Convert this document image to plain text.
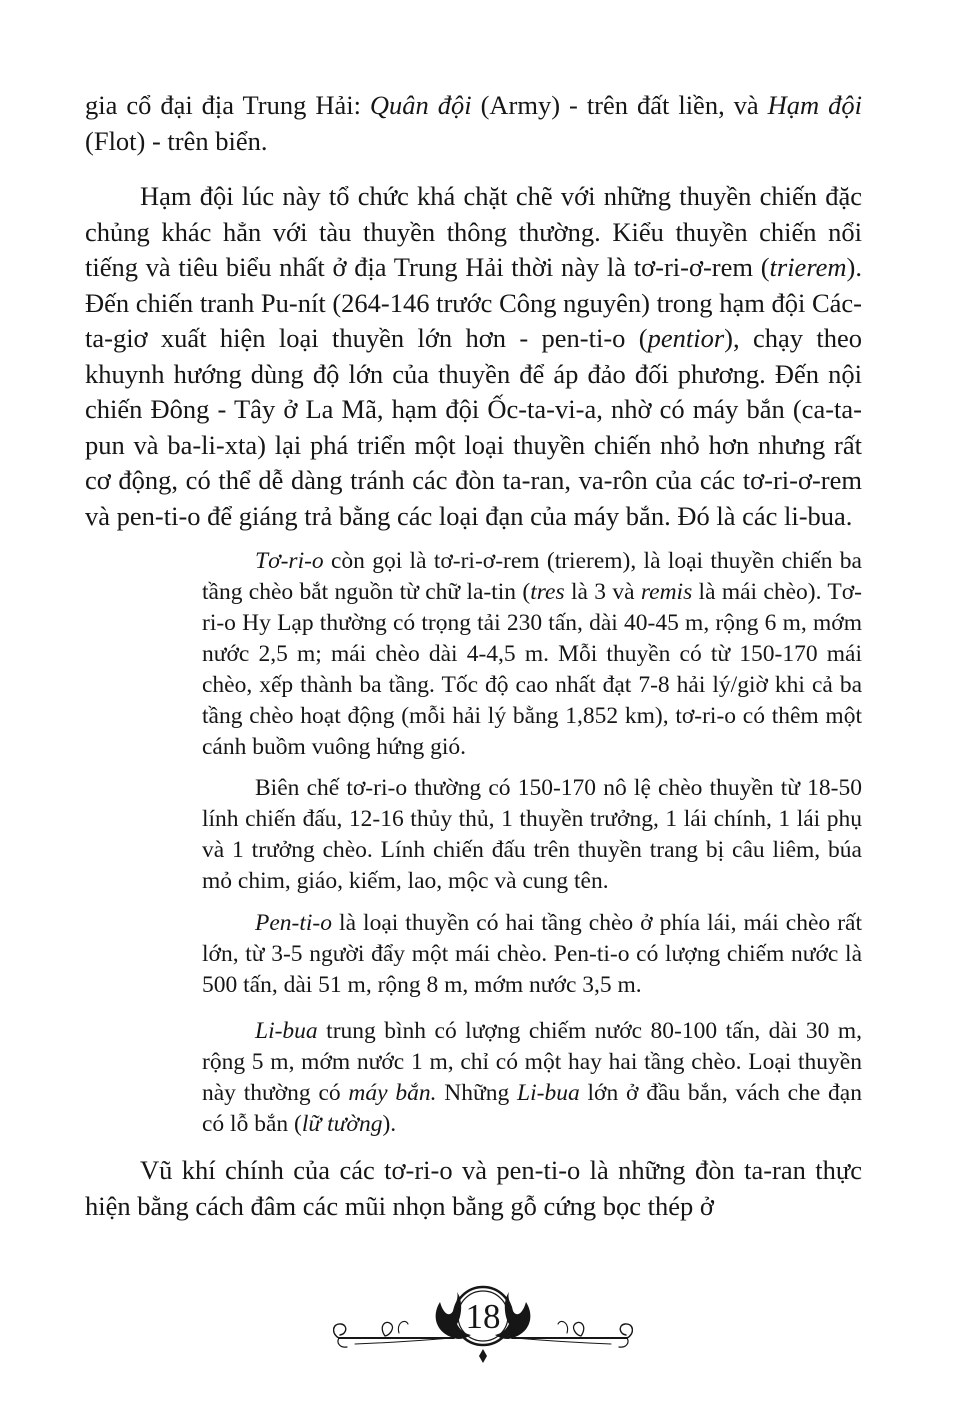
gia cổ đại địa Trung Hải: Quân đội (Army) - trên đất liền, và Hạm đội (Flot) - trên biển.

Hạm đội lúc này tổ chức khá chặt chẽ với những thuyền chiến đặc chủng khác hẳn với tàu thuyền thông thường. Kiểu thuyền chiến nổi tiếng và tiêu biểu nhất ở địa Trung Hải thời này là tơ-ri-ơ-rem (trierem). Đến chiến tranh Pu-nít (264-146 trước Công nguyên) trong hạm đội Các-ta-giơ xuất hiện loại thuyền lớn hơn - pen-ti-o (pentior), chạy theo khuynh hướng dùng độ lớn của thuyền để áp đảo đối phương. Đến nội chiến Đông - Tây ở La Mã, hạm đội Ốc-ta-vi-a, nhờ có máy bắn (ca-ta-pun và ba-li-xta) lại phá triển một loại thuyền chiến nhỏ hơn nhưng rất cơ động, có thể dễ dàng tránh các đòn ta-ran, va-rôn của các tơ-ri-ơ-rem và pen-ti-o để giáng trả bằng các loại đạn của máy bắn. Đó là các li-bua.

Tơ-ri-o còn gọi là tơ-ri-ơ-rem (trierem), là loại thuyền chiến ba tầng chèo bắt nguồn từ chữ la-tin (tres là 3 và remis là mái chèo). Tơ-ri-o Hy Lạp thường có trọng tải 230 tấn, dài 40-45 m, rộng 6 m, mớm nước 2,5 m; mái chèo dài 4-4,5 m. Mỗi thuyền có từ 150-170 mái chèo, xếp thành ba tầng. Tốc độ cao nhất đạt 7-8 hải lý/giờ khi cả ba tầng chèo hoạt động (mỗi hải lý bằng 1,852 km), tơ-ri-o có thêm một cánh buồm vuông hứng gió.

Biên chế tơ-ri-o thường có 150-170 nô lệ chèo thuyền từ 18-50 lính chiến đấu, 12-16 thủy thủ, 1 thuyền trưởng, 1 lái chính, 1 lái phụ và 1 trưởng chèo. Lính chiến đấu trên thuyền trang bị câu liêm, búa mỏ chim, giáo, kiếm, lao, mộc và cung tên.

Pen-ti-o là loại thuyền có hai tầng chèo ở phía lái, mái chèo rất lớn, từ 3-5 người đẩy một mái chèo. Pen-ti-o có lượng chiếm nước là 500 tấn, dài 51 m, rộng 8 m, mớm nước 3,5 m.

Li-bua trung bình có lượng chiếm nước 80-100 tấn, dài 30 m, rộng 5 m, mớm nước 1 m, chỉ có một hay hai tầng chèo. Loại thuyền này thường có máy bắn. Những Li-bua lớn ở đầu bắn, vách che đạn có lỗ bắn (lữ tường).

Vũ khí chính của các tơ-ri-o và pen-ti-o là những đòn ta-ran thực hiện bằng cách đâm các mũi nhọn bằng gỗ cứng bọc thép ở

18
